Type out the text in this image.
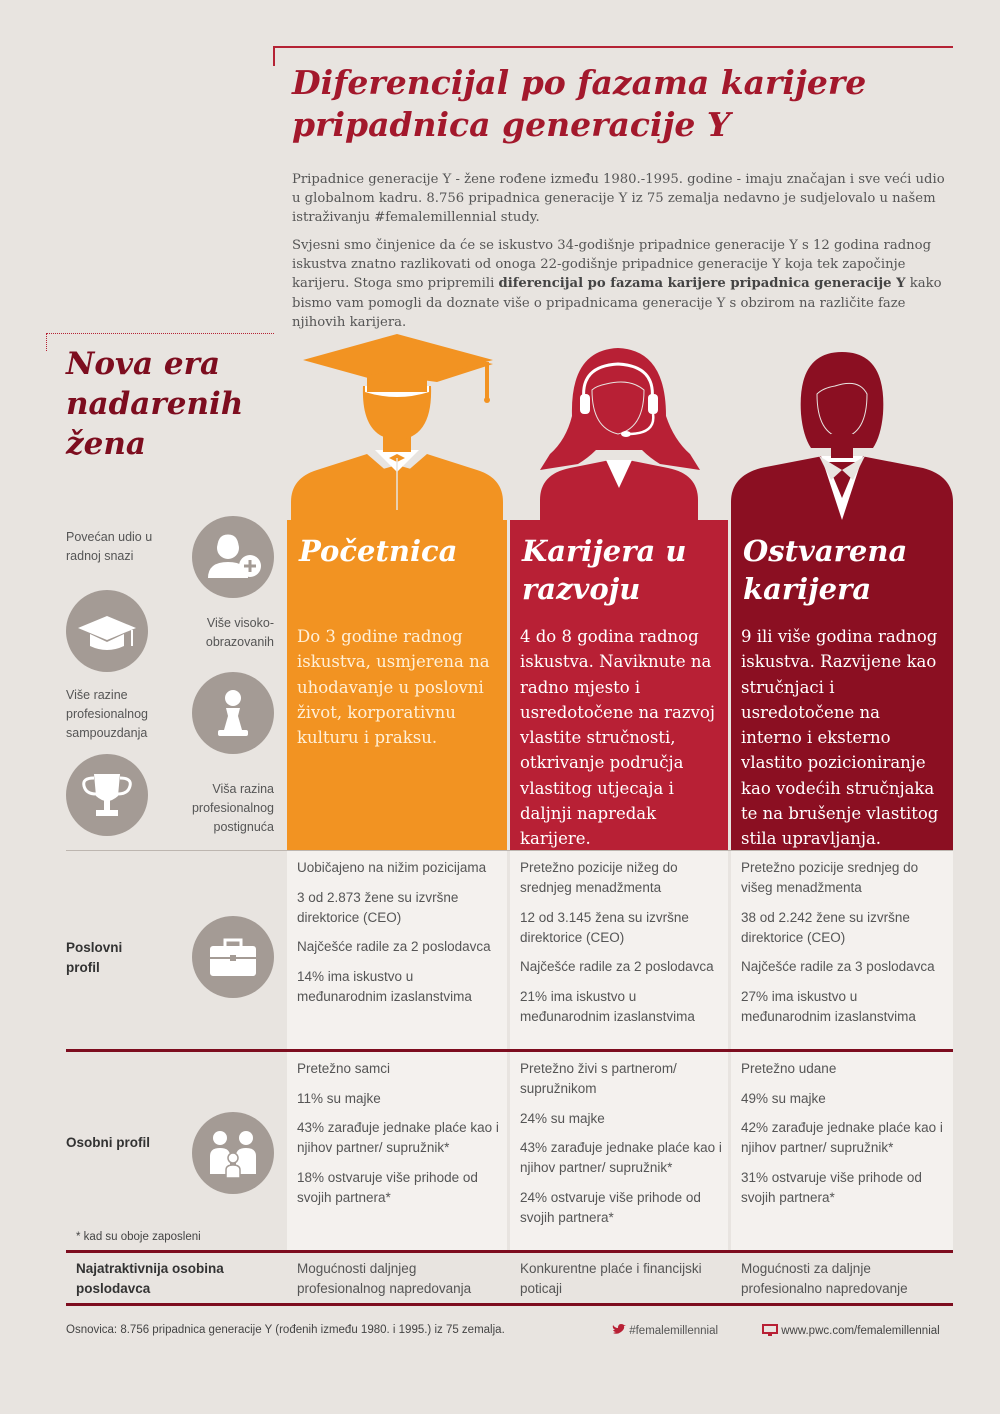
Diferencijal po fazama karijere pripadnica generacije Y

Pripadnice generacije Y - žene rođene između 1980.-1995. godine - imaju značajan i sve veći udio u globalnom kadru. 8.756 pripadnica generacije Y iz 75 zemalja nedavno je sudjelovalo u našem istraživanju #femalemillennial study.

Svjesni smo činjenice da će se iskustvo 34-godišnje pripadnice generacije Y s 12 godina radnog iskustva znatno razlikovati od onoga 22-godišnje pripadnice generacije Y koja tek započinje karijeru. Stoga smo pripremili diferencijal po fazama karijere pripadnica generacije Y kako bismo vam pomogli da doznate više o pripadnicama generacije Y s obzirom na različite faze njihovih karijera.

Nova era nadarenih žena
Početnica
Do 3 godine radnog iskustva, usmjerena na uhodavanje u poslovni život, korporativnu kulturu i praksu.
Karijera u razvoju
4 do 8 godina radnog iskustva. Naviknute na radno mjesto i usredotočene na razvoj vlastite stručnosti, otkrivanje područja vlastitog utjecaja i daljnji napredak karijere.
Ostvarena karijera
9 ili više godina radnog iskustva. Razvijene kao stručnjaci i usredotočene na interno i eksterno vlastito pozicioniranje kao vodećih stručnjaka te na brušenje vlastitog stila upravljanja.
Povećan udio u radnoj snazi
Više visoko-obrazovanih
Više razine profesionalnog sampouzdanja
Viša razina profesionalnog postignuća
Poslovni profil

Uobičajeno na nižim pozicijama

3 od 2.873 žene su izvršne direktorice (CEO)

Najčešće radile za 2 poslodavca

14% ima iskustvo u međunarodnim izaslanstvima

Pretežno pozicije nižeg do srednjeg menadžmenta

12 od 3.145 žena su izvršne direktorice (CEO)

Najčešće radile za 2 poslodavca

21% ima iskustvo u međunarodnim izaslanstvima

Pretežno pozicije srednjeg do višeg menadžmenta

38 od 2.242 žene su izvršne direktorice (CEO)

Najčešće radile za 3 poslodavca

27% ima iskustvo u međunarodnim izaslanstvima

Osobni profil
* kad su oboje zaposleni

Pretežno samci

11% su majke

43% zarađuje jednake plaće kao i njihov partner/ supružnik*

18% ostvaruje više prihode od svojih partnera*

Pretežno živi s partnerom/ supružnikom

24% su majke

43% zarađuje jednake plaće kao i njihov partner/ supružnik*

24% ostvaruje više prihode od svojih partnera*

Pretežno udane

49% su majke

42% zarađuje jednake plaće kao i njihov partner/ supružnik*

31% ostvaruje više prihode od svojih partnera*

Najatraktivnija osobina poslodavca
Mogućnosti daljnjeg profesionalnog napredovanja
Konkurentne plaće i financijski poticaji
Mogućnosti za daljnje profesionalno napredovanje
Osnovica: 8.756 pripadnica generacije Y (rođenih između 1980. i 1995.) iz 75 zemalja.	#femalemillennial	www.pwc.com/femalemillennial
